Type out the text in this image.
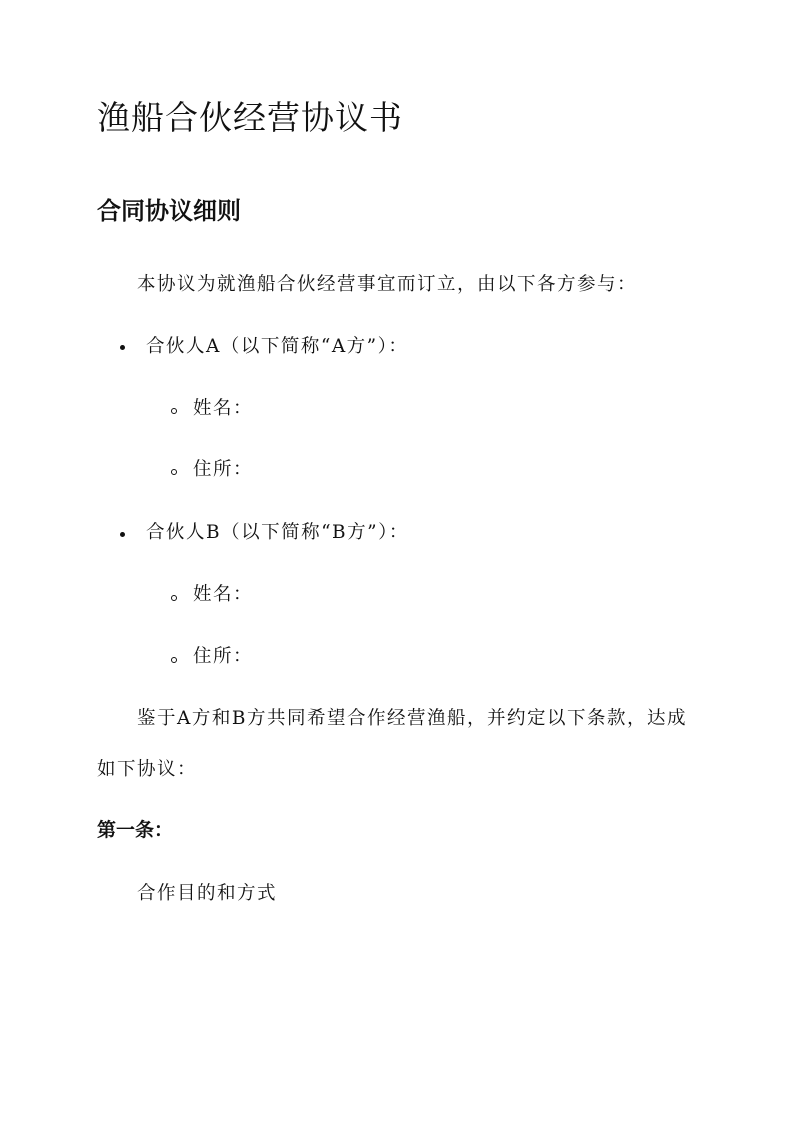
渔船合伙经营协议书
合同协议细则
本协议为就渔船合伙经营事宜而订立，由以下各方参与：
合伙人A（以下简称“A方”）：
姓名：
住所：
合伙人B（以下简称“B方”）：
姓名：
住所：
鉴于A方和B方共同希望合作经营渔船，并约定以下条款，达成
如下协议：
第一条：
合作目的和方式
